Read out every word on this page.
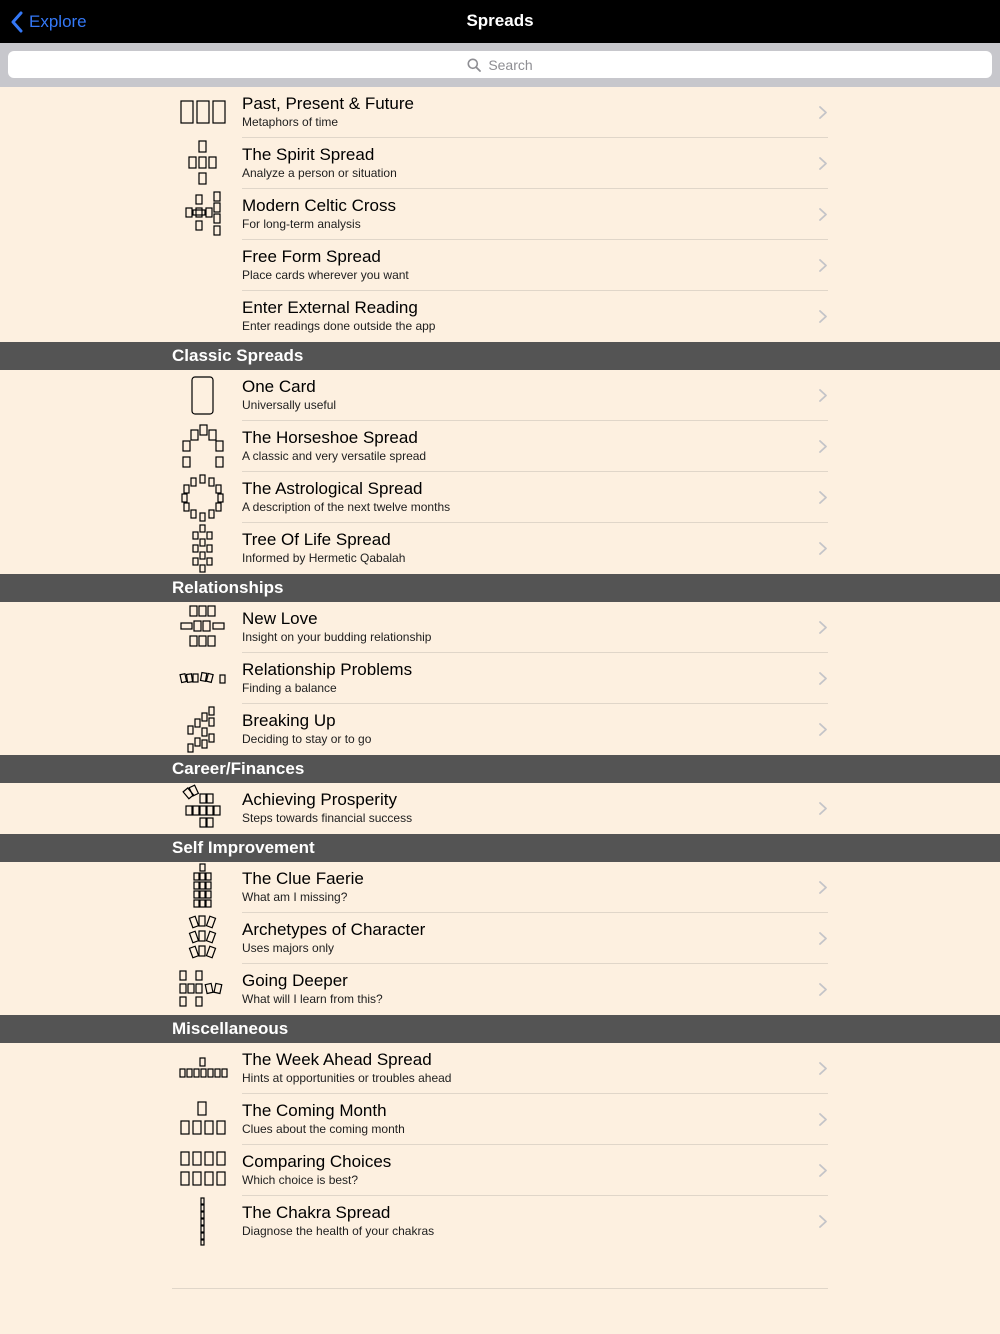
Explore	Spreads
Search
Past, Present & Future
Metaphors of time
The Spirit Spread
Analyze a person or situation
Modern Celtic Cross
For long-term analysis
Free Form Spread
Place cards wherever you want
Enter External Reading
Enter readings done outside the app
Classic Spreads
One Card
Universally useful
The Horseshoe Spread
A classic and very versatile spread
The Astrological Spread
A description of the next twelve months
Tree Of Life Spread
Informed by Hermetic Qabalah
Relationships
New Love
Insight on your budding relationship
Relationship Problems
Finding a balance
Breaking Up
Deciding to stay or to go
Career/Finances
Achieving Prosperity
Steps towards financial success
Self Improvement
The Clue Faerie
What am I missing?
Archetypes of Character
Uses majors only
Going Deeper
What will I learn from this?
Miscellaneous
The Week Ahead Spread
Hints at opportunities or troubles ahead
The Coming Month
Clues about the coming month
Comparing Choices
Which choice is best?
The Chakra Spread
Diagnose the health of your chakras
